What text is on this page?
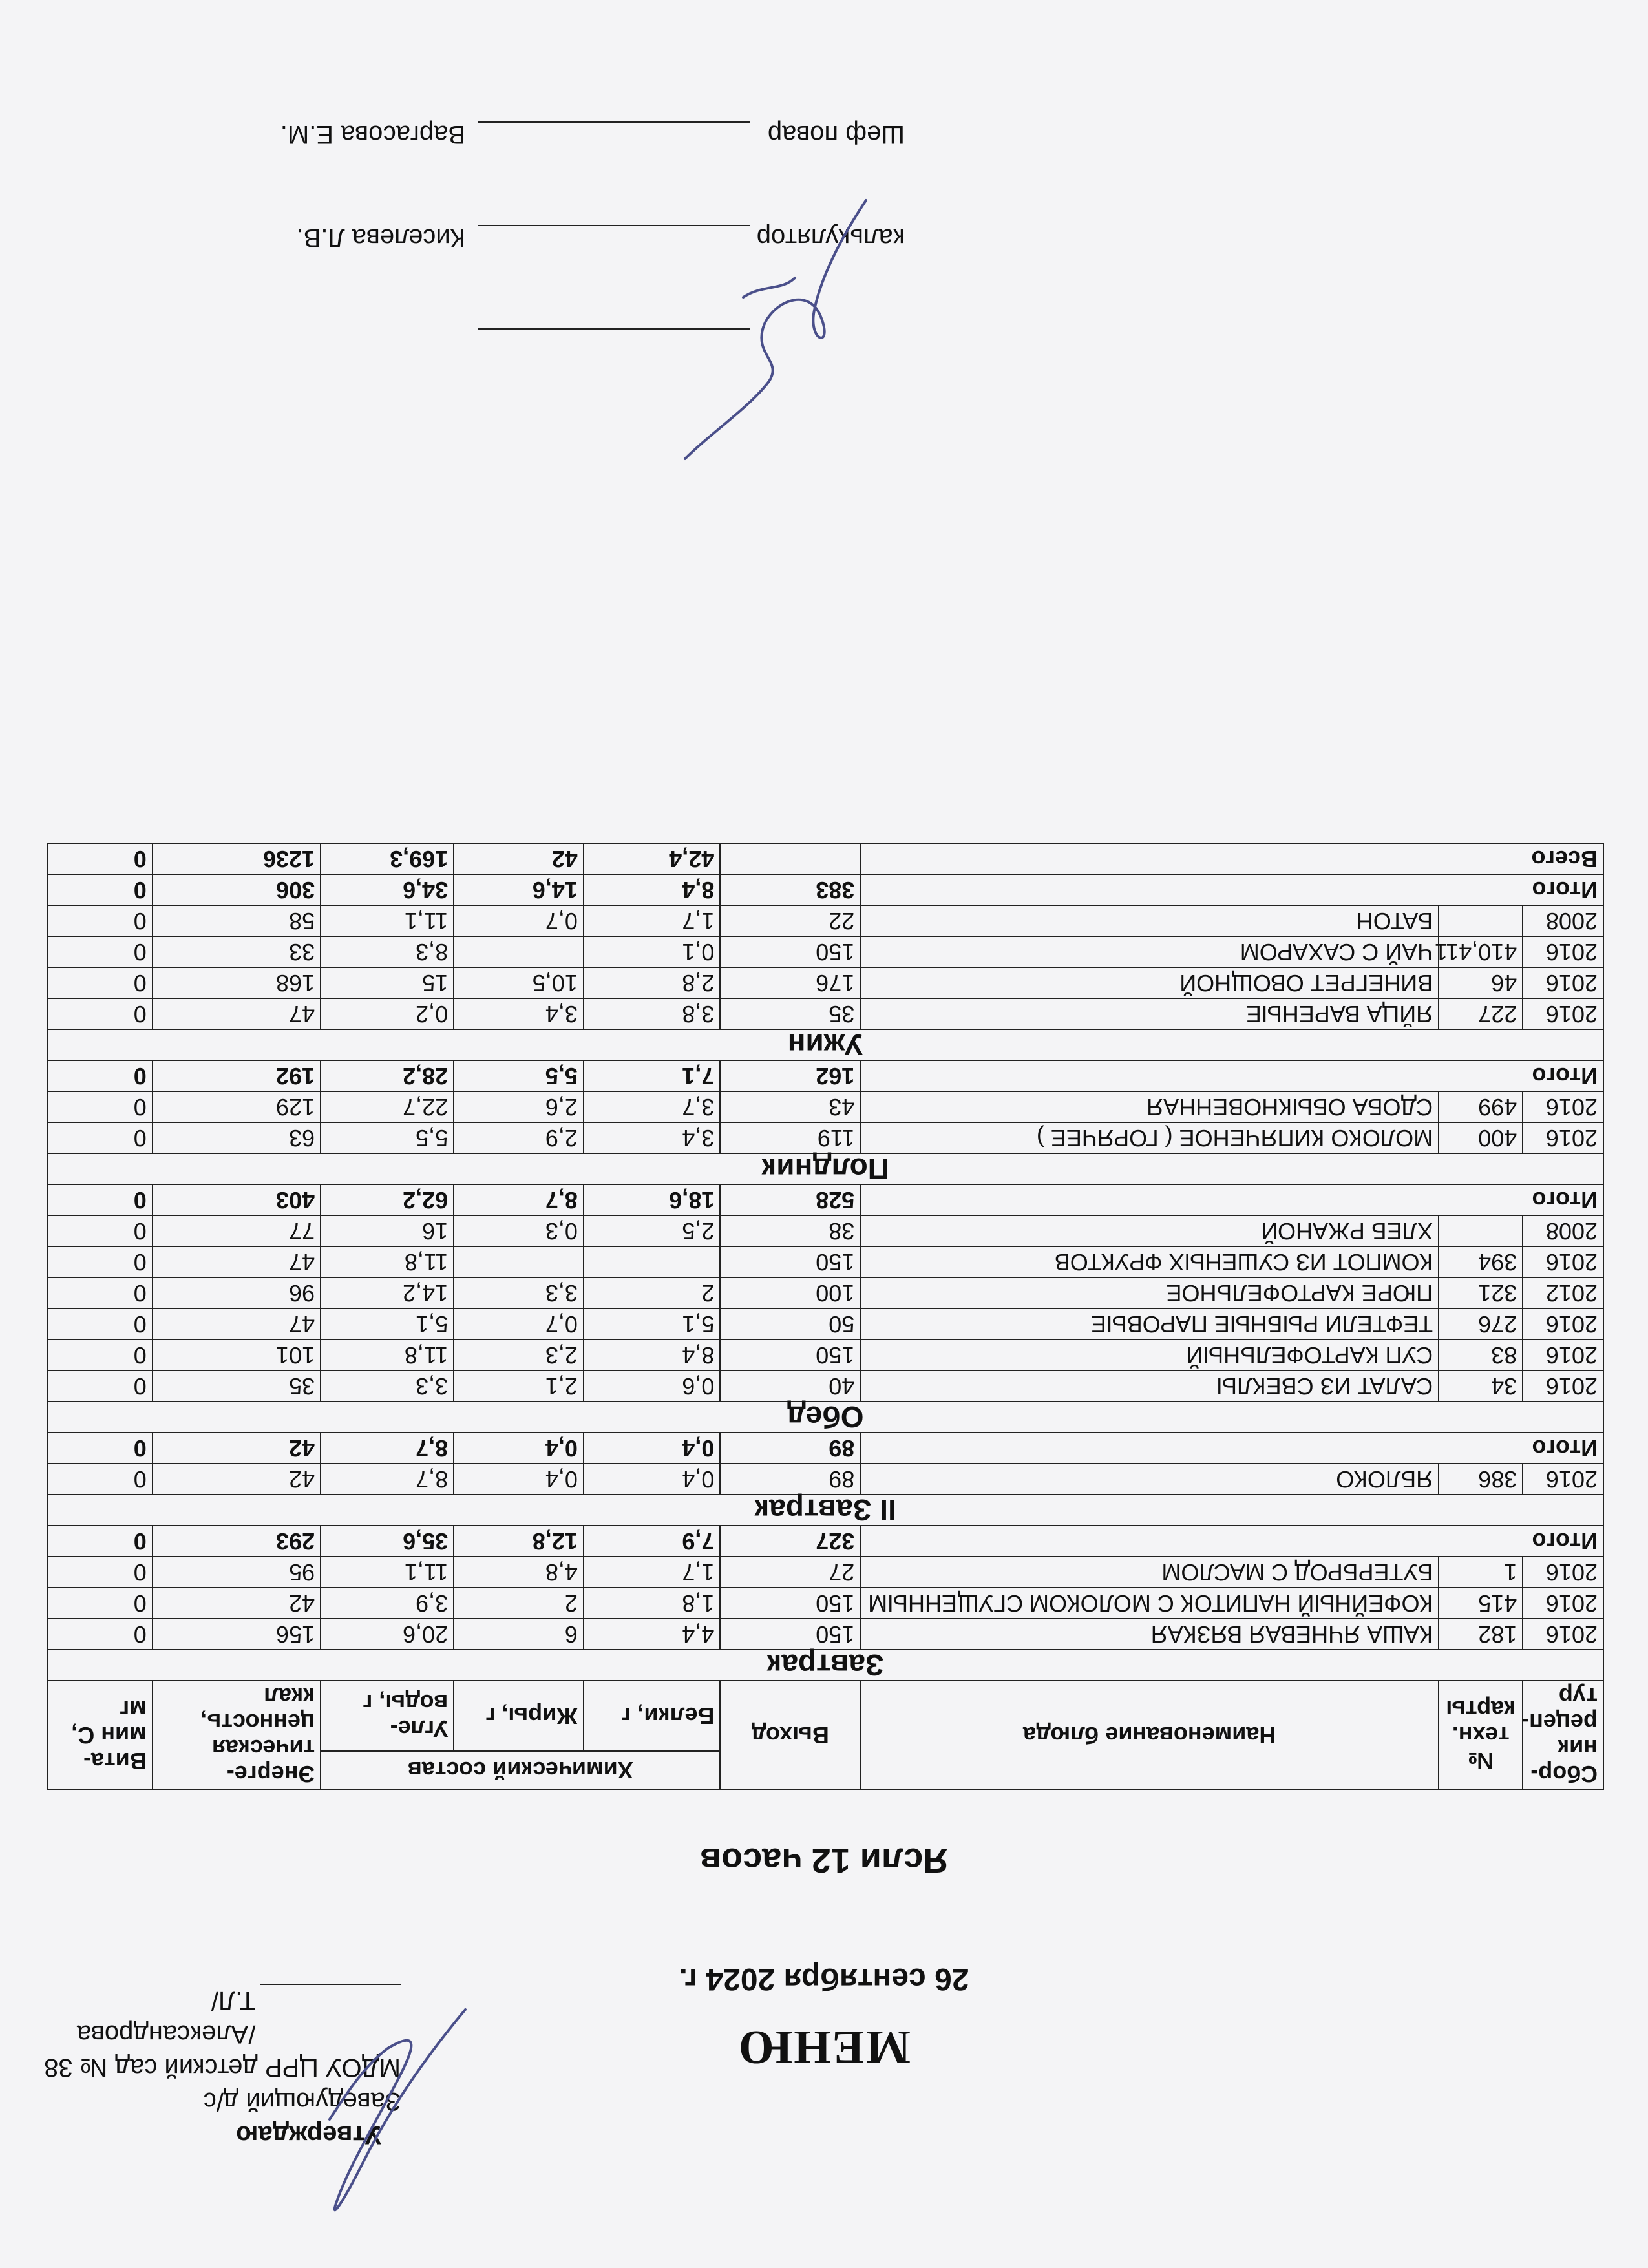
Утверждаю
Заведующий д/с
МДОУ ЦРР детский сад № 38
/Александрова Т.Л/
МЕНЮ
26 сентября 2024 г.
Ясли 12 часов
Сбор-ник рецеп-тур	№ техн. карты	Наименование блюда	Выход	Химический состав			Энерге-тическая ценность, ккал	Вита-мин С, мг
				Белки, г	Жиры, г	Угле-воды, г		
Завтрак								
2016	182	КАША ЯЧНЕВАЯ ВЯЗКАЯ	150	4,4	6	20,6	156	0
2016	415	КОФЕЙНЫЙ НАПИТОК С МОЛОКОМ СГУЩЕННЫМ	150	1,8	2	3,9	42	0
2016	1	БУТЕРБРОД С МАСЛОМ	27	1,7	4,8	11,1	95	0
Итого			327	7,9	12,8	35,6	293	0
II Завтрак								
2016	386	ЯБЛОКО	89	0,4	0,4	8,7	42	0
Итого			89	0,4	0,4	8,7	42	0
Обед								
2016	34	САЛАТ ИЗ СВЕКЛЫ	40	0,6	2,1	3,3	35	0
2016	83	СУП КАРТОФЕЛЬНЫЙ	150	8,4	2,3	11,8	101	0
2016	276	ТЕФТЕЛИ РЫБНЫЕ ПАРОВЫЕ	50	5,1	0,7	5,1	47	0
2012	321	ПЮРЕ КАРТОФЕЛЬНОЕ	100	2	3,3	14,2	96	0
2016	394	КОМПОТ ИЗ СУШЕНЫХ ФРУКТОВ	150			11,8	47	0
2008		ХЛЕБ РЖАНОЙ	38	2,5	0,3	16	77	0
Итого			528	18,6	8,7	62,2	403	0
Полдник								
2016	400	МОЛОКО КИПЯЧЕНОЕ ( ГОРЯЧЕЕ )	119	3,4	2,9	5,5	63	0
2016	499	СДОБА ОБЫКНОВЕННАЯ	43	3,7	2,6	22,7	129	0
Итого			162	7,1	5,5	28,2	192	0
Ужин								
2016	227	ЯЙЦА ВАРЕНЫЕ	35	3,8	3,4	0,2	47	0
2016	46	ВИНЕГРЕТ ОВОЩНОЙ	176	2,8	10,5	15	168	0
2016	410,411	ЧАЙ С САХАРОМ	150	0,1		8,3	33	0
2008		БАТОН	22	1,7	0,7	11,1	58	0
Итого			383	8,4	14,6	34,6	306	0
Всего				42,4	42	169,3	1236	0
калькулятор
Киселева Л.В.
Шеф повар
Варгасова Е.М.
